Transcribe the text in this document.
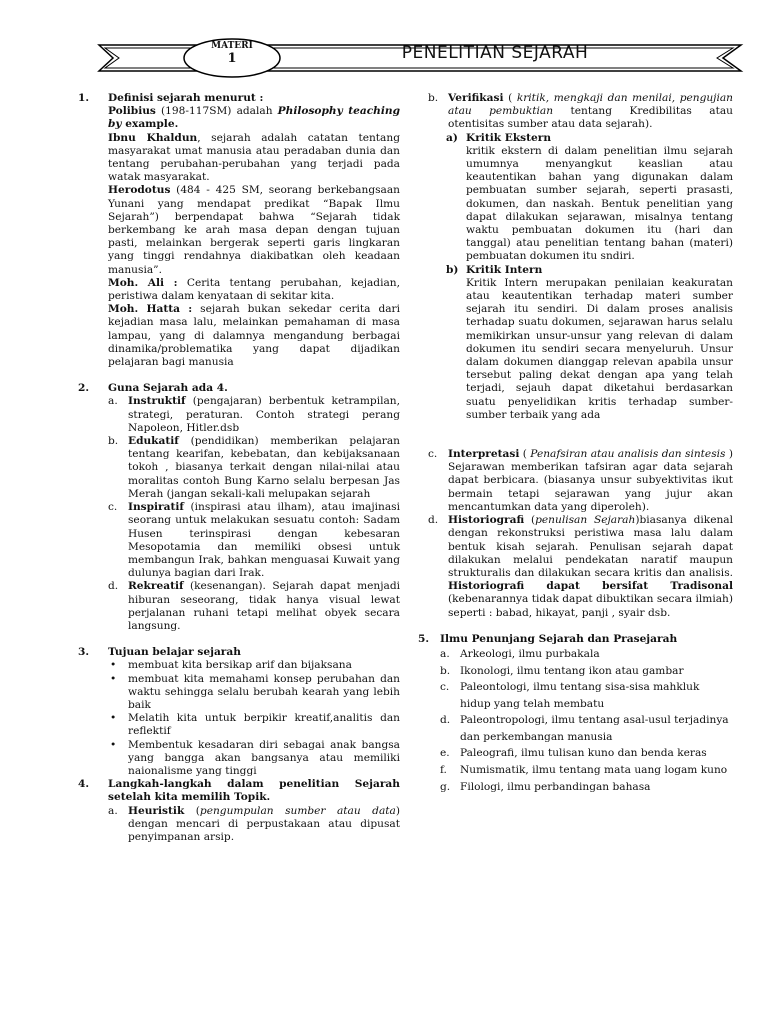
MATERI
1	PENELITIAN SEJARAH
1. Definisi sejarah menurut :
Polibius (198-117SM) adalah Philosophy teaching by example.
Ibnu Khaldun, sejarah adalah catatan tentang masyarakat umat manusia atau peradaban dunia dan tentang perubahan-perubahan yang terjadi pada watak masyarakat.
Herodotus (484 - 425 SM, seorang berkebangsaan Yunani yang mendapat predikat “Bapak Ilmu Sejarah”) berpendapat bahwa “Sejarah tidak berkembang ke arah masa depan dengan tujuan pasti, melainkan bergerak seperti garis lingkaran yang tinggi rendahnya diakibatkan oleh keadaan manusia”.
Moh. Ali : Cerita tentang perubahan, kejadian, peristiwa dalam kenyataan di sekitar kita.
Moh. Hatta : sejarah bukan sekedar cerita dari kejadian masa lalu, melainkan pemahaman di masa lampau, yang di dalamnya mengandung berbagai dinamika/problematika yang dapat dijadikan pelajaran bagi manusia
2. Guna Sejarah ada 4.
a. Instruktif (pengajaran) berbentuk ketrampilan, strategi, peraturan. Contoh strategi perang Napoleon, Hitler.dsb
b. Edukatif (pendidikan) memberikan pelajaran tentang kearifan, kebebatan, dan kebijaksanaan tokoh , biasanya terkait dengan nilai-nilai atau moralitas contoh Bung Karno selalu berpesan Jas Merah (jangan sekali-kali melupakan sejarah
c. Inspiratif (inspirasi atau ilham), atau imajinasi seorang untuk melakukan sesuatu contoh: Sadam Husen terinspirasi dengan kebesaran Mesopotamia dan memiliki obsesi untuk membangun Irak, bahkan menguasai Kuwait yang dulunya bagian dari Irak.
d. Rekreatif (kesenangan). Sejarah dapat menjadi hiburan seseorang, tidak hanya visual lewat perjalanan ruhani tetapi melihat obyek secara langsung.
3. Tujuan belajar sejarah
• membuat kita bersikap arif dan bijaksana
• membuat kita memahami konsep perubahan dan waktu sehingga selalu berubah kearah yang lebih baik
• Melatih kita untuk berpikir kreatif,analitis dan reflektif
• Membentuk kesadaran diri sebagai anak bangsa yang bangga akan bangsanya atau memiliki naionalisme yang tinggi
4. Langkah-langkah dalam penelitian Sejarah setelah kita memilih Topik.
a. Heuristik (pengumpulan sumber atau data) dengan mencari di perpustakaan atau dipusat penyimpanan arsip.
b. Verifikasi ( kritik, mengkaji dan menilai, pengujian atau pembuktian tentang Kredibilitas atau otentisitas sumber atau data sejarah).
a) Kritik Ekstern
kritik ekstern di dalam penelitian ilmu sejarah umumnya menyangkut keaslian atau keautentikan bahan yang digunakan dalam pembuatan sumber sejarah, seperti prasasti, dokumen, dan naskah. Bentuk penelitian yang dapat dilakukan sejarawan, misalnya tentang waktu pembuatan dokumen itu (hari dan tanggal) atau penelitian tentang bahan (materi) pembuatan dokumen itu sndiri.
b) Kritik Intern
Kritik Intern merupakan penilaian keakuratan atau keautentikan terhadap materi sumber sejarah itu sendiri. Di dalam proses analisis terhadap suatu dokumen, sejarawan harus selalu memikirkan unsur-unsur yang relevan di dalam dokumen itu sendiri secara menyeluruh. Unsur dalam dokumen dianggap relevan apabila unsur tersebut paling dekat dengan apa yang telah terjadi, sejauh dapat diketahui berdasarkan suatu penyelidikan kritis terhadap sumber-sumber terbaik yang ada
c. Interpretasi ( Penafsiran atau analisis dan sintesis ) Sejarawan memberikan tafsiran agar data sejarah dapat berbicara. (biasanya unsur subyektivitas ikut bermain tetapi sejarawan yang jujur akan mencantumkan data yang diperoleh).
d. Historiografi (penulisan Sejarah)biasanya dikenal dengan rekonstruksi peristiwa masa lalu dalam bentuk kisah sejarah. Penulisan sejarah dapat dilakukan melalui pendekatan naratif maupun strukturalis dan dilakukan secara kritis dan analisis. Historiografi dapat bersifat Tradisonal (kebenarannya tidak dapat dibuktikan secara ilmiah) seperti : babad, hikayat, panji , syair dsb.
5. Ilmu Penunjang Sejarah dan Prasejarah
a. Arkeologi, ilmu purbakala
b. Ikonologi, ilmu tentang ikon atau gambar
c. Paleontologi, ilmu tentang sisa-sisa mahkluk hidup yang telah membatu
d. Paleontropologi, ilmu tentang asal-usul terjadinya dan perkembangan manusia
e. Paleografi, ilmu tulisan kuno dan benda keras
f. Numismatik, ilmu tentang mata uang logam kuno
g. Filologi, ilmu perbandingan bahasa
